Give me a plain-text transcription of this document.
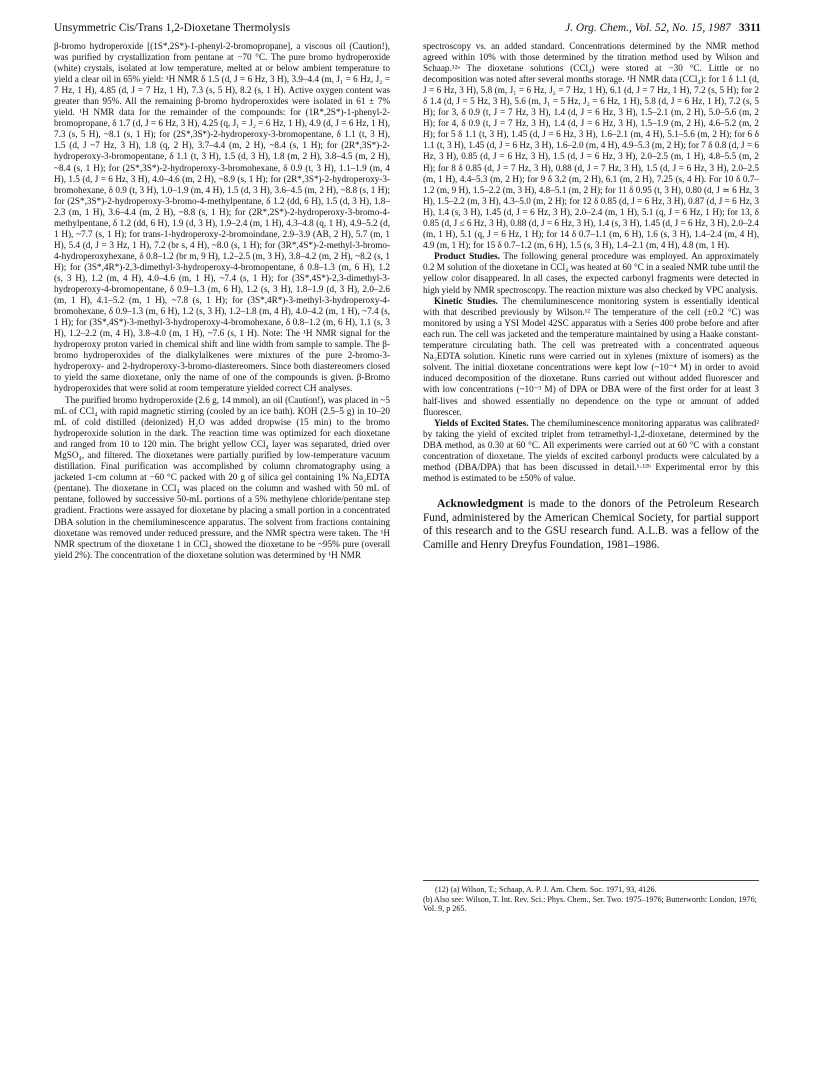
Unsymmetric Cis/Trans 1,2-Dioxetane Thermolysis	J. Org. Chem., Vol. 52, No. 15, 1987 3311

β-bromo hydroperoxide [(1S*,2S*)-1-phenyl-2-bromopropane], a viscous oil (Caution!), was purified by crystallization from pentane at −70 °C. The pure bromo hydroperoxide (white) crystals, isolated at low temperature, melted at or below ambient temperature to yield a clear oil in 65% yield: ¹H NMR δ 1.5 (d, J = 6 Hz, 3 H), 3.9–4.4 (m, J₁ = 6 Hz, J₂ = 7 Hz, 1 H), 4.85 (d, J = 7 Hz, 1 H), 7.3 (s, 5 H), 8.2 (s, 1 H). Active oxygen content was greater than 95%. All the remaining β-bromo hydroperoxides were isolated in 61 ± 7% yield. ¹H NMR data for the remainder of the compounds: for (1R*,2S*)-1-phenyl-2-bromopropane, δ 1.7 (d, J = 6 Hz, 3 H), 4.25 (q, J₁ = J₂ = 6 Hz, 1 H), 4.9 (d, J = 6 Hz, 1 H), 7.3 (s, 5 H), ~8.1 (s, 1 H); for (2S*,3S*)-2-hydroperoxy-3-bromopentane, δ 1.1 (t, 3 H), 1.5 (d, J ~7 Hz, 3 H), 1.8 (q, 2 H), 3.7–4.4 (m, 2 H), ~8.4 (s, 1 H); for (2R*,3S*)-2-hydroperoxy-3-bromopentane, δ 1.1 (t, 3 H), 1.5 (d, 3 H), 1.8 (m, 2 H), 3.8–4.5 (m, 2 H), ~8.4 (s, 1 H); for (2S*,3S*)-2-hydroperoxy-3-bromohexane, δ 0.9 (t, 3 H), 1.1–1.9 (m, 4 H), 1.5 (d, J = 6 Hz, 3 H), 4.0–4.6 (m, 2 H), ~8.9 (s, 1 H); for (2R*,3S*)-2-hydroperoxy-3-bromohexane, δ 0.9 (t, 3 H), 1.0–1.9 (m, 4 H), 1.5 (d, 3 H), 3.6–4.5 (m, 2 H), ~8.8 (s, 1 H); for (2S*,3S*)-2-hydroperoxy-3-bromo-4-methylpentane, δ 1.2 (dd, 6 H), 1.5 (d, 3 H), 1.8–2.3 (m, 1 H), 3.6–4.4 (m, 2 H), ~8.8 (s, 1 H); for (2R*,2S*)-2-hydroperoxy-3-bromo-4-methylpentane, δ 1.2 (dd, 6 H), 1.9 (d, 3 H), 1.9–2.4 (m, 1 H), 4.3–4.8 (q, 1 H), 4.9–5.2 (d, 1 H), ~7.7 (s, 1 H); for trans-1-hydroperoxy-2-bromoindane, 2.9–3.9 (AB, 2 H), 5.7 (m, 1 H), 5.4 (d, J = 3 Hz, 1 H), 7.2 (br s, 4 H), ~8.0 (s, 1 H); for (3R*,4S*)-2-methyl-3-bromo-4-hydroperoxyhexane, δ 0.8–1.2 (br m, 9 H), 1.2–2.5 (m, 3 H), 3.8–4.2 (m, 2 H), ~8.2 (s, 1 H); for (3S*,4R*)-2,3-dimethyl-3-hydroperoxy-4-bromopentane, δ 0.8–1.3 (m, 6 H), 1.2 (s, 3 H), 1.2 (m, 4 H), 4.0–4.6 (m, 1 H), ~7.4 (s, 1 H); for (3S*,4S*)-2,3-dimethyl-3-hydroperoxy-4-bromopentane, δ 0.9–1.3 (m, 6 H), 1.2 (s, 3 H), 1.8–1.9 (d, 3 H), 2.0–2.6 (m, 1 H), 4.1–5.2 (m, 1 H), ~7.8 (s, 1 H); for (3S*,4R*)-3-methyl-3-hydroperoxy-4-bromohexane, δ 0.9–1.3 (m, 6 H), 1.2 (s, 3 H), 1.2–1.8 (m, 4 H), 4.0–4.2 (m, 1 H), ~7.4 (s, 1 H); for (3S*,4S*)-3-methyl-3-hydroperoxy-4-bromohexane, δ 0.8–1.2 (m, 6 H), 1.1 (s, 3 H), 1.2–2.2 (m, 4 H), 3.8–4.0 (m, 1 H), ~7.6 (s, 1 H). Note: The ¹H NMR signal for the hydroperoxy proton varied in chemical shift and line width from sample to sample. The β-bromo hydroperoxides of the dialkylalkenes were mixtures of the pure 2-bromo-3-hydroperoxy- and 2-hydroperoxy-3-bromo-diastereomers. Since both diastereomers closed to yield the same dioxetane, only the name of one of the compounds is given. β-Bromo hydroperoxides that were solid at room temperature yielded correct CH analyses.

The purified bromo hydroperoxide (2.6 g, 14 mmol), an oil (Caution!), was placed in ~5 mL of CCl₄ with rapid magnetic stirring (cooled by an ice bath). KOH (2.5–5 g) in 10–20 mL of cold distilled (deionized) H₂O was added dropwise (15 min) to the bromo hydroperoxide solution in the dark. The reaction time was optimized for each dioxetane and ranged from 10 to 120 min. The bright yellow CCl₄ layer was separated, dried over MgSO₄, and filtered. The dioxetanes were partially purified by low-temperature vacuum distillation. Final purification was accomplished by column chromatography using a jacketed 1-cm column at −60 °C packed with 20 g of silica gel containing 1% Na₂EDTA (pentane). The dioxetane in CCl₄ was placed on the column and washed with 50 mL of pentane, followed by successive 50-mL portions of a 5% methylene chloride/pentane step gradient. Fractions were assayed for dioxetane by placing a small portion in a concentrated DBA solution in the chemiluminescence apparatus. The solvent from fractions containing dioxetane was removed under reduced pressure, and the NMR spectra were taken. The ¹H NMR spectrum of the dioxetane 1 in CCl₄ showed the dioxetane to be ~95% pure (overall yield 2%). The concentration of the dioxetane solution was determined by ¹H NMR

spectroscopy vs. an added standard. Concentrations determined by the NMR method agreed within 10% with those determined by the titration method used by Wilson and Schaap.¹²ᵃ The dioxetane solutions (CCl₄) were stored at −30 °C. Little or no decomposition was noted after several months storage. ¹H NMR data (CCl₄): for 1 δ 1.1 (d, J = 6 Hz, 3 H), 5.8 (m, J₁ = 6 Hz, J₂ = 7 Hz, 1 H), 6.1 (d, J = 7 Hz, 1 H), 7.2 (s, 5 H); for 2 δ 1.4 (d, J = 5 Hz, 3 H), 5.6 (m, J₁ = 5 Hz, J₂ = 6 Hz, 1 H), 5.8 (d, J = 6 Hz, 1 H), 7.2 (s, 5 H); for 3, δ 0.9 (t, J = 7 Hz, 3 H), 1.4 (d, J = 6 Hz, 3 H), 1.5–2.1 (m, 2 H), 5.0–5.6 (m, 2 H); for 4, δ 0.9 (t, J = 7 Hz, 3 H), 1.4 (d, J = 6 Hz, 3 H), 1.5–1.9 (m, 2 H), 4.6–5.2 (m, 2 H); for 5 δ 1.1 (t, 3 H), 1.45 (d, J = 6 Hz, 3 H), 1.6–2.1 (m, 4 H), 5.1–5.6 (m, 2 H); for 6 δ 1.1 (t, 3 H), 1.45 (d, J = 6 Hz, 3 H), 1.6–2.0 (m, 4 H), 4.9–5.3 (m, 2 H); for 7 δ 0.8 (d, J = 6 Hz, 3 H), 0.85 (d, J = 6 Hz, 3 H), 1.5 (d, J = 6 Hz, 3 H), 2.0–2.5 (m, 1 H), 4.8–5.5 (m, 2 H); for 8 δ 0.85 (d, J = 7 Hz, 3 H), 0.88 (d, J = 7 Hz, 3 H), 1.5 (d, J = 6 Hz, 3 H), 2.0–2.5 (m, 1 H), 4.4–5.3 (m, 2 H); for 9 δ 3.2 (m, 2 H), 6.1 (m, 2 H), 7.25 (s, 4 H). For 10 δ 0.7–1.2 (m, 9 H), 1.5–2.2 (m, 3 H), 4.8–5.1 (m, 2 H); for 11 δ 0.95 (t, 3 H), 0.80 (d, J ≃ 6 Hz, 3 H), 1.5–2.2 (m, 3 H), 4.3–5.0 (m, 2 H); for 12 δ 0.85 (d, J = 6 Hz, 3 H), 0.87 (d, J = 6 Hz, 3 H), 1.4 (s, 3 H), 1.45 (d, J = 6 Hz, 3 H), 2.0–2.4 (m, 1 H), 5.1 (q, J = 6 Hz, 1 H); for 13, δ 0.85 (d, J ≤ 6 Hz, 3 H), 0.88 (d, J = 6 Hz, 3 H), 1.4 (s, 3 H), 1.45 (d, J = 6 Hz, 3 H), 2.0–2.4 (m, 1 H), 5.1 (q, J = 6 Hz, 1 H); for 14 δ 0.7–1.1 (m, 6 H), 1.6 (s, 3 H), 1.4–2.4 (m, 4 H), 4.9 (m, 1 H); for 15 δ 0.7–1.2 (m, 6 H), 1.5 (s, 3 H), 1.4–2.1 (m, 4 H), 4.8 (m, 1 H).

Product Studies. The following general procedure was employed. An approximately 0.2 M solution of the dioxetane in CCl₄ was heated at 60 °C in a sealed NMR tube until the yellow color disappeared. In all cases, the expected carbonyl fragments were detected in high yield by NMR spectroscopy. The reaction mixture was also checked by VPC analysis.

Kinetic Studies. The chemiluminescence monitoring system is essentially identical with that described previously by Wilson.¹² The temperature of the cell (±0.2 °C) was monitored by using a YSI Model 42SC apparatus with a Series 400 probe before and after each run. The cell was jacketed and the temperature maintained by using a Haake constant-temperature circulating bath. The cell was pretreated with a concentrated aqueous Na₂EDTA solution. Kinetic runs were carried out in xylenes (mixture of isomers) as the solvent. The initial dioxetane concentrations were kept low (~10⁻⁴ M) in order to avoid induced decomposition of the dioxetane. Runs carried out without added fluorescer and with low concentrations (~10⁻³ M) of DPA or DBA were of the first order for at least 3 half-lives and showed essentially no dependence on the type or amount of added fluorescer.

Yields of Excited States. The chemiluminescence monitoring apparatus was calibrated² by taking the yield of excited triplet from tetramethyl-1,2-dioxetane, determined by the DBA method, as 0.30 at 60 °C. All experiments were carried out at 60 °C with a constant concentration of dioxetane. The yields of excited carbonyl products were calculated by a method (DBA/DPA) that has been discussed in detail.¹·¹²ᵇ Experimental error by this method is estimated to be ±50% of value.

Acknowledgment is made to the donors of the Petroleum Research Fund, administered by the American Chemical Society, for partial support of this research and to the GSU research fund. A.L.B. was a fellow of the Camille and Henry Dreyfus Foundation, 1981–1986.

(12) (a) Wilson, T.; Schaap, A. P. J. Am. Chem. Soc. 1971, 93, 4126.

(b) Also see: Wilson, T. Int. Rev. Sci.: Phys. Chem., Ser. Two. 1975–1976; Butterworth: London, 1976; Vol. 9, p 265.
